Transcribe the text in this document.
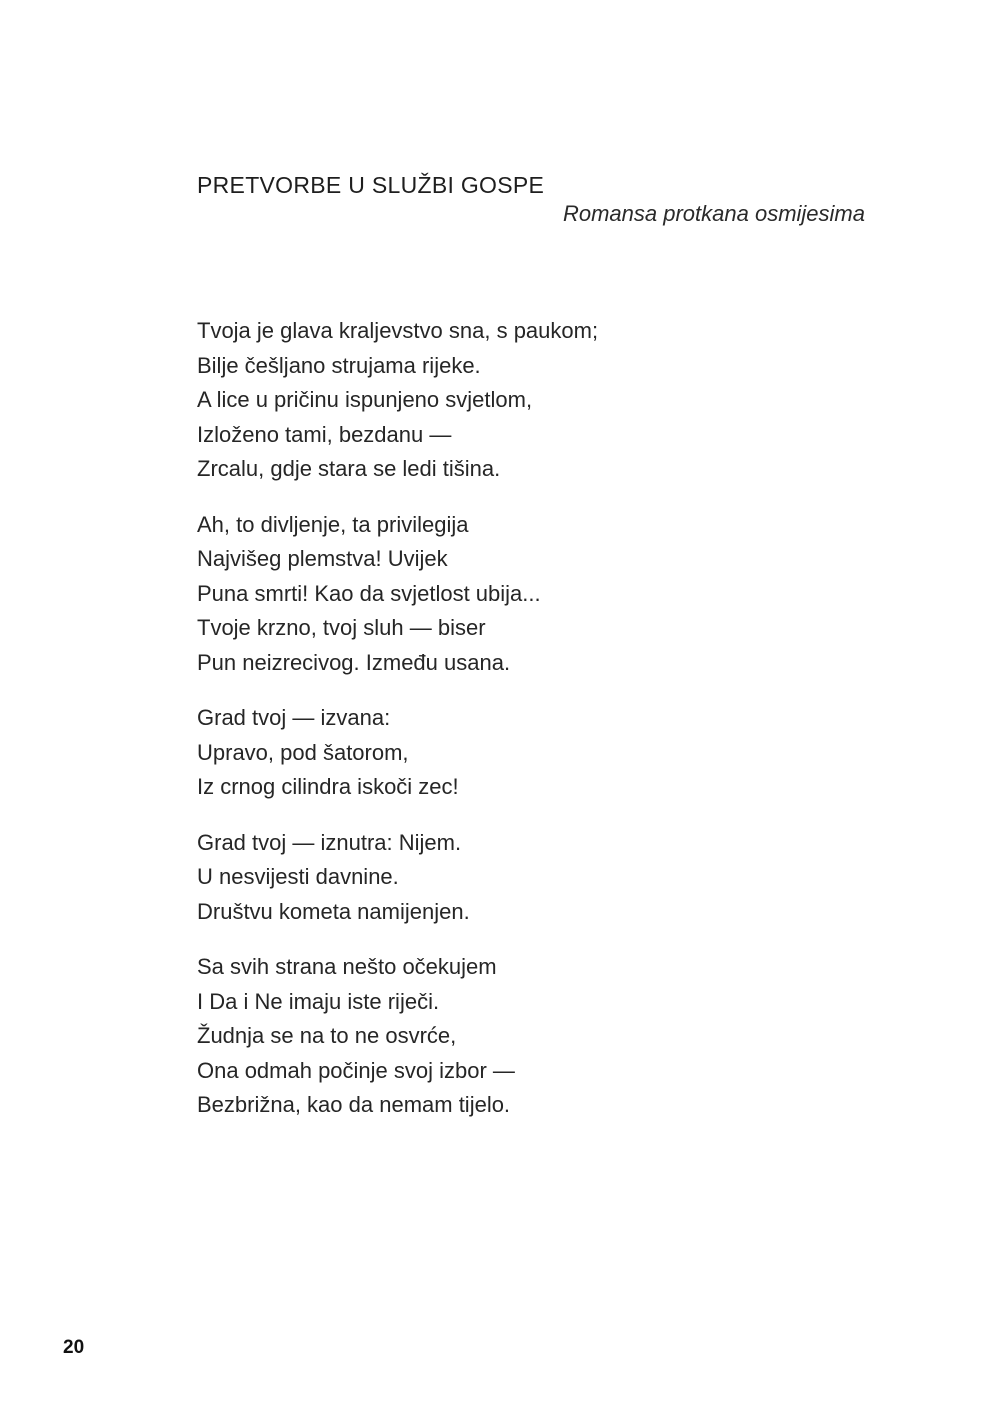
PRETVORBE U SLUŽBI GOSPE
Romansa protkana osmijesima
Tvoja je glava kraljevstvo sna, s paukom;
Bilje češljano strujama rijeke.
A lice u pričinu ispunjeno svjetlom,
Izloženo tami, bezdanu —
Zrcalu, gdje stara se ledi tišina.
Ah, to divljenje, ta privilegija
Najvišeg plemstva! Uvijek
Puna smrti! Kao da svjetlost ubija...
Tvoje krzno, tvoj sluh — biser
Pun neizrecivog. Između usana.
Grad tvoj — izvana:
Upravo, pod šatorom,
Iz crnog cilindra iskoči zec!
Grad tvoj — iznutra: Nijem.
U nesvijesti davnine.
Društvu kometa namijenjen.
Sa svih strana nešto očekujem
I Da i Ne imaju iste riječi.
Žudnja se na to ne osvrće,
Ona odmah počinje svoj izbor —
Bezbrižna, kao da nemam tijelo.
20
